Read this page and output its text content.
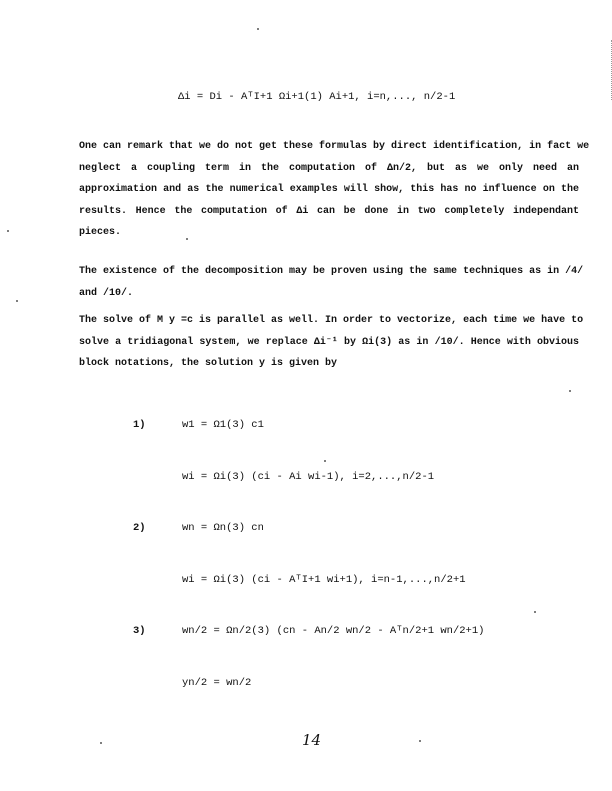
Δi = Di - AᵀI+1 Ωi+1(1) Ai+1, i=n,..., n/2-1
One can remark that we do not get these formulas by direct identification, in fact we
neglect a coupling term in the computation of Δn/2, but as we only need an
approximation and as the numerical examples will show, this has no influence on the
results. Hence the computation of Δi can be done in two completely independant
pieces.
The existence of the decomposition may be proven using the same techniques as in /4/
and /10/.
The solve of M y =c is parallel as well. In order to vectorize, each time we have to
solve a tridiagonal system, we replace Δi⁻¹ by Ωi(3) as in /10/. Hence with obvious
block notations, the solution y is given by
1)	w1 = Ω1(3) c1
wi = Ωi(3) (ci - Ai wi-1), i=2,...,n/2-1
2)	wn = Ωn(3) cn
wi = Ωi(3) (ci - AᵀI+1 wi+1), i=n-1,...,n/2+1
3)	wn/2 = Ωn/2(3) (cn - An/2 wn/2 - Aᵀn/2+1 wn/2+1)
yn/2 = wn/2
14
